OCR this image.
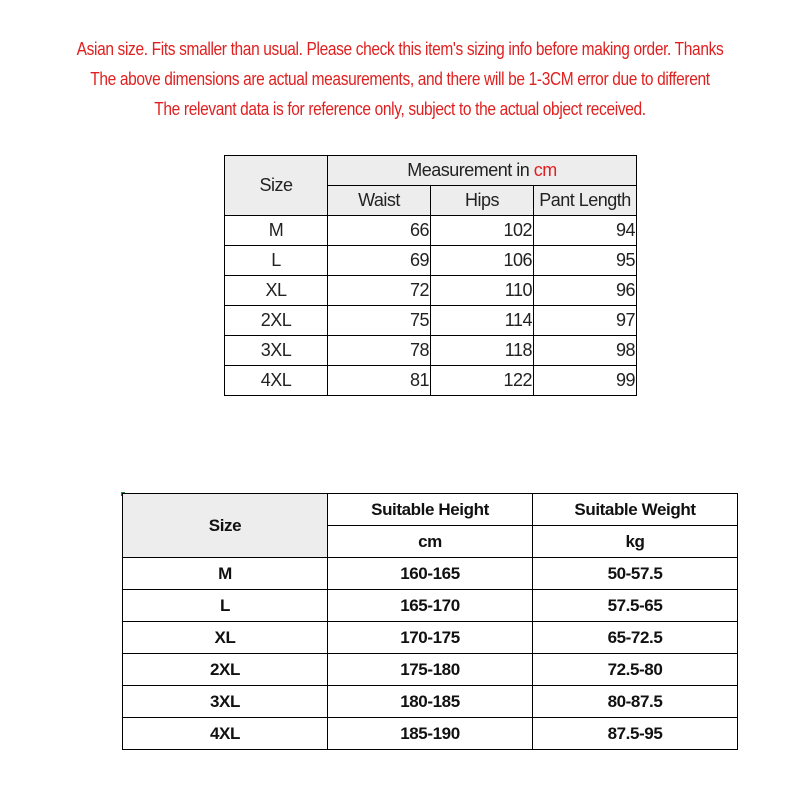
Asian size. Fits smaller than usual. Please check this item's sizing info before making order. Thanks
The above dimensions are actual measurements, and there will be 1-3CM error due to different
The relevant data is for reference only, subject to the actual object received.
Size	Measurement in cm		
	Waist	Hips	Pant Length
M	66	102	94
L	69	106	95
XL	72	110	96
2XL	75	114	97
3XL	78	118	98
4XL	81	122	99
Size	Suitable Height	Suitable Weight
	cm	kg
M	160-165	50-57.5
L	165-170	57.5-65
XL	170-175	65-72.5
2XL	175-180	72.5-80
3XL	180-185	80-87.5
4XL	185-190	87.5-95
